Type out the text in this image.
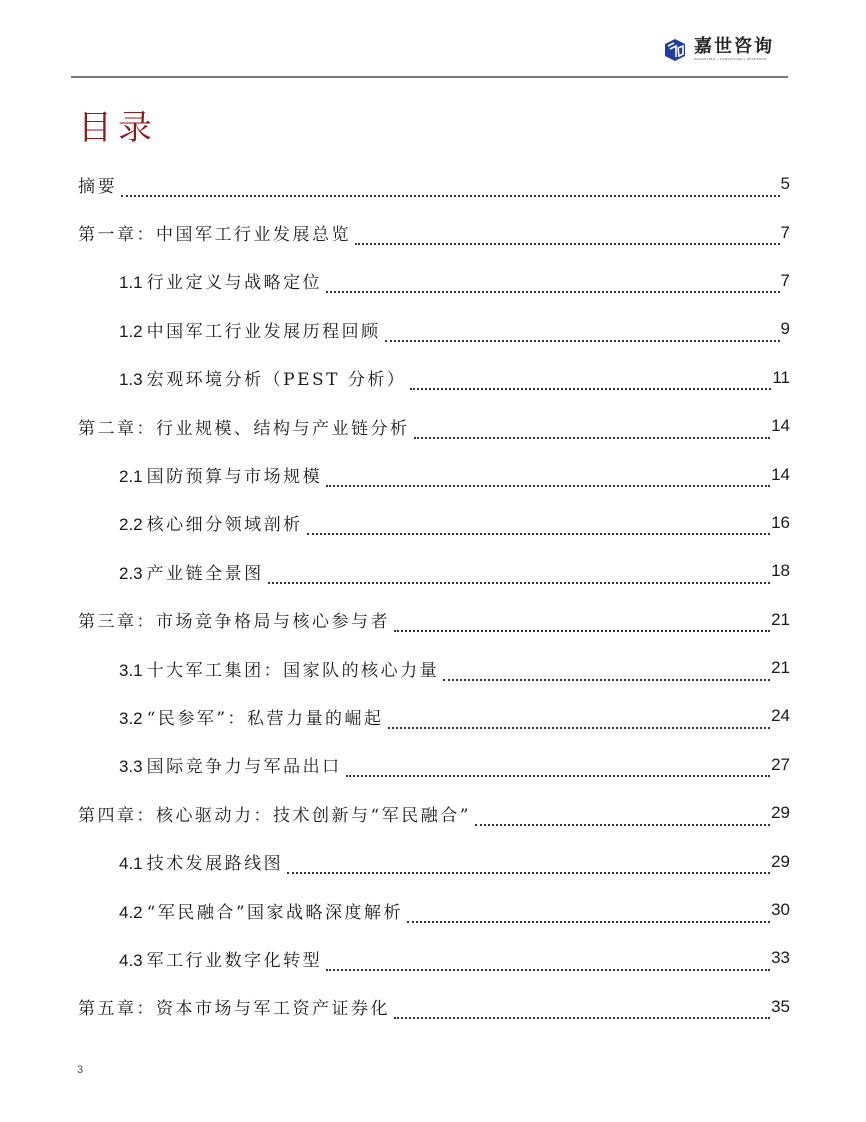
嘉世咨询
MARKETING | CONSULTING | RESEARCH
目录
摘要	5
第一章：中国军工行业发展总览	7
1.1 行业定义与战略定位	7
1.2 中国军工行业发展历程回顾	9
1.3 宏观环境分析（PEST 分析）	11
第二章：行业规模、结构与产业链分析	14
2.1 国防预算与市场规模	14
2.2 核心细分领域剖析	16
2.3 产业链全景图	18
第三章：市场竞争格局与核心参与者	21
3.1 十大军工集团：国家队的核心力量	21
3.2 “民参军”：私营力量的崛起	24
3.3 国际竞争力与军品出口	27
第四章：核心驱动力：技术创新与“军民融合”	29
4.1 技术发展路线图	29
4.2 “军民融合”国家战略深度解析	30
4.3 军工行业数字化转型	33
第五章：资本市场与军工资产证券化	35
3
